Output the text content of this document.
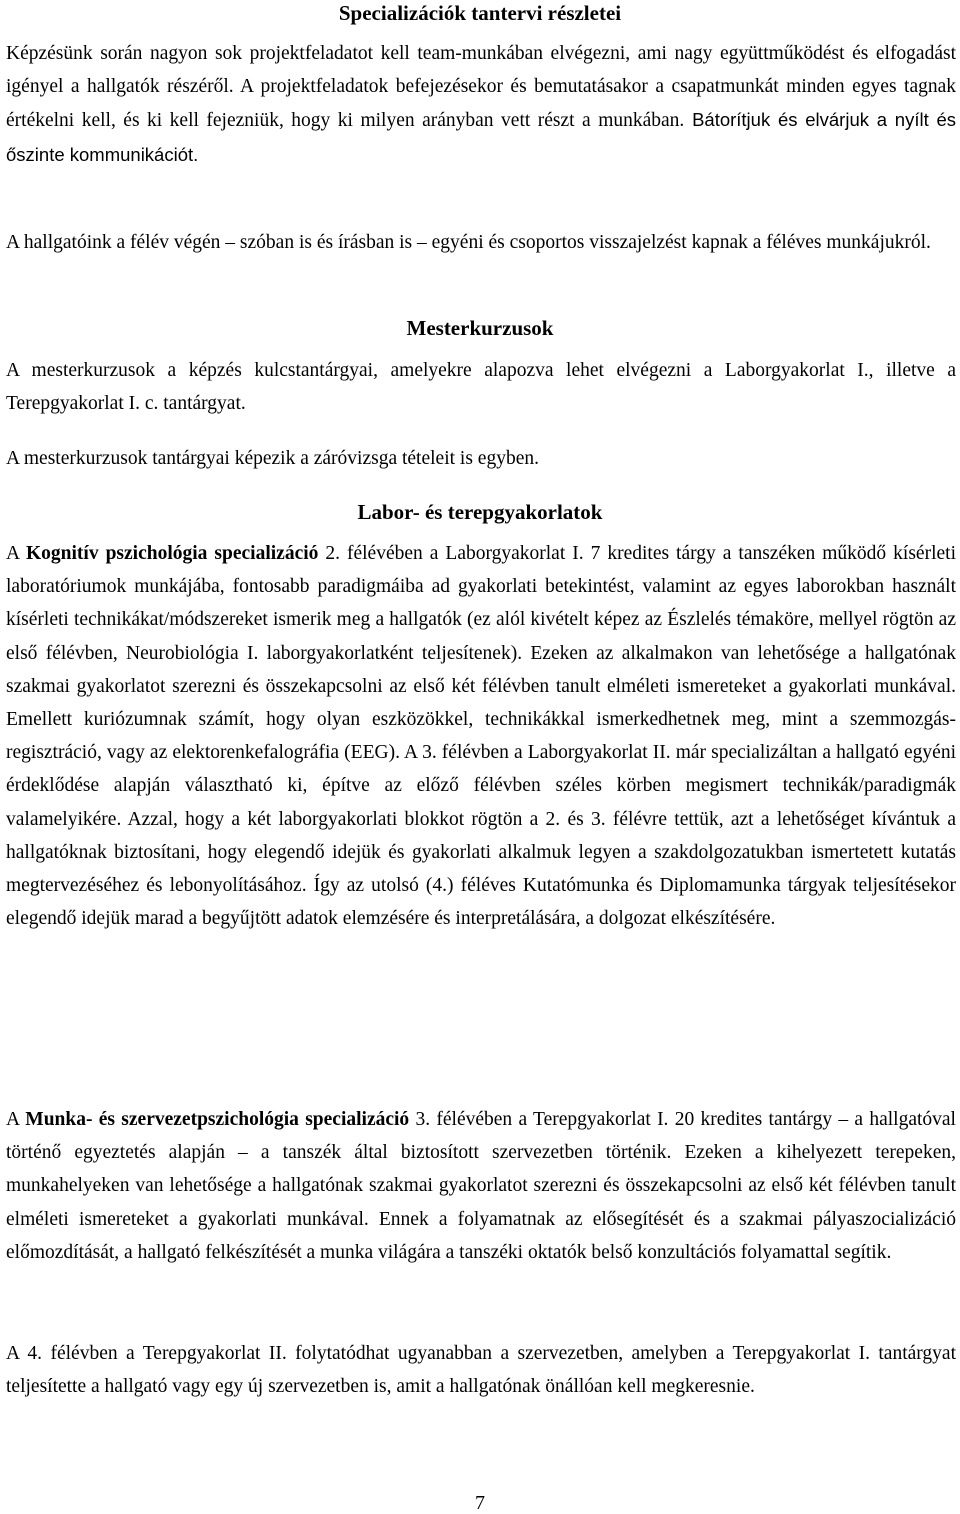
Specializációk tantervi részletei

Képzésünk során nagyon sok projektfeladatot kell team-munkában elvégezni, ami nagy együttműködést és elfogadást igényel a hallgatók részéről. A projektfeladatok befejezésekor és bemutatásakor a csapatmunkát minden egyes tagnak értékelni kell, és ki kell fejezniük, hogy ki milyen arányban vett részt a munkában. Bátorítjuk és elvárjuk a nyílt és őszinte kommunikációt.

A hallgatóink a félév végén – szóban is és írásban is – egyéni és csoportos visszajelzést kapnak a féléves munkájukról.

Mesterkurzusok

A mesterkurzusok a képzés kulcstantárgyai, amelyekre alapozva lehet elvégezni a Laborgyakorlat I., illetve a Terepgyakorlat I. c. tantárgyat.

A mesterkurzusok tantárgyai képezik a záróvizsga tételeit is egyben.

Labor- és terepgyakorlatok

A Kognitív pszichológia specializáció 2. félévében a Laborgyakorlat I. 7 kredites tárgy a tanszéken működő kísérleti laboratóriumok munkájába, fontosabb paradigmáiba ad gyakorlati betekintést, valamint az egyes laborokban használt kísérleti technikákat/módszereket ismerik meg a hallgatók (ez alól kivételt képez az Észlelés témaköre, mellyel rögtön az első félévben, Neurobiológia I. laborgyakorlatként teljesítenek). Ezeken az alkalmakon van lehetősége a hallgatónak szakmai gyakorlatot szerezni és összekapcsolni az első két félévben tanult elméleti ismereteket a gyakorlati munkával. Emellett kuriózumnak számít, hogy olyan eszközökkel, technikákkal ismerkedhetnek meg, mint a szemmozgás-regisztráció, vagy az elektorenkefalográfia (EEG). A 3. félévben a Laborgyakorlat II. már specializáltan a hallgató egyéni érdeklődése alapján választható ki, építve az előző félévben széles körben megismert technikák/paradigmák valamelyikére. Azzal, hogy a két laborgyakorlati blokkot rögtön a 2. és 3. félévre tettük, azt a lehetőséget kívántuk a hallgatóknak biztosítani, hogy elegendő idejük és gyakorlati alkalmuk legyen a szakdolgozatukban ismertetett kutatás megtervezéséhez és lebonyolításához. Így az utolsó (4.) féléves Kutatómunka és Diplomamunka tárgyak teljesítésekor elegendő idejük marad a begyűjtött adatok elemzésére és interpretálására, a dolgozat elkészítésére.

A Munka- és szervezetpszichológia specializáció 3. félévében a Terepgyakorlat I. 20 kredites tantárgy – a hallgatóval történő egyeztetés alapján – a tanszék által biztosított szervezetben történik. Ezeken a kihelyezett terepeken, munkahelyeken van lehetősége a hallgatónak szakmai gyakorlatot szerezni és összekapcsolni az első két félévben tanult elméleti ismereteket a gyakorlati munkával. Ennek a folyamatnak az elősegítését és a szakmai pályaszocializáció előmozdítását, a hallgató felkészítését a munka világára a tanszéki oktatók belső konzultációs folyamattal segítik.

A 4. félévben a Terepgyakorlat II. folytatódhat ugyanabban a szervezetben, amelyben a Terepgyakorlat I. tantárgyat teljesítette a hallgató vagy egy új szervezetben is, amit a hallgatónak önállóan kell megkeresnie.

7
